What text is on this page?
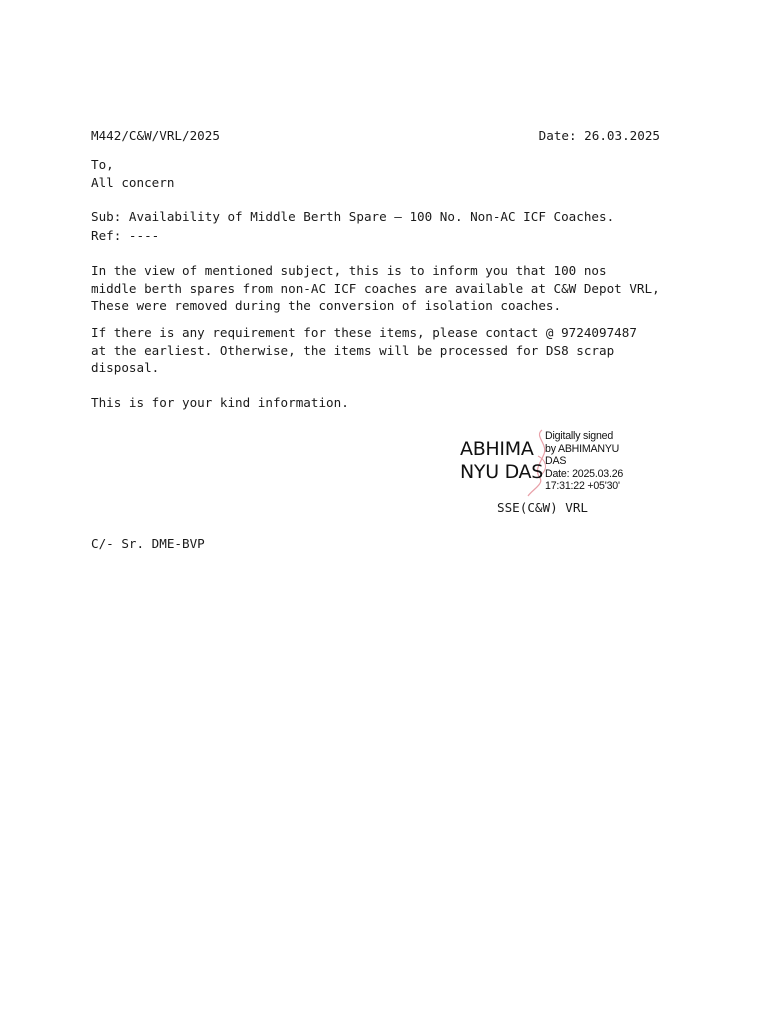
M442/C&W/VRL/2025	Date: 26.03.2025
To,
All concern
Sub: Availability of Middle Berth Spare – 100 No. Non-AC ICF Coaches.
Ref: ----
In the view of mentioned subject, this is to inform you that 100 nos
middle berth spares from non-AC ICF coaches are available at C&W Depot VRL,
These were removed during the conversion of isolation coaches.
If there is any requirement for these items, please contact @ 9724097487
at the earliest. Otherwise, the items will be processed for DS8 scrap
disposal.
This is for your kind information.
ABHIMA
NYU DAS
Digitally signed
by ABHIMANYU
DAS
Date: 2025.03.26
17:31:22 +05'30'
SSE(C&W) VRL
C/- Sr. DME-BVP
